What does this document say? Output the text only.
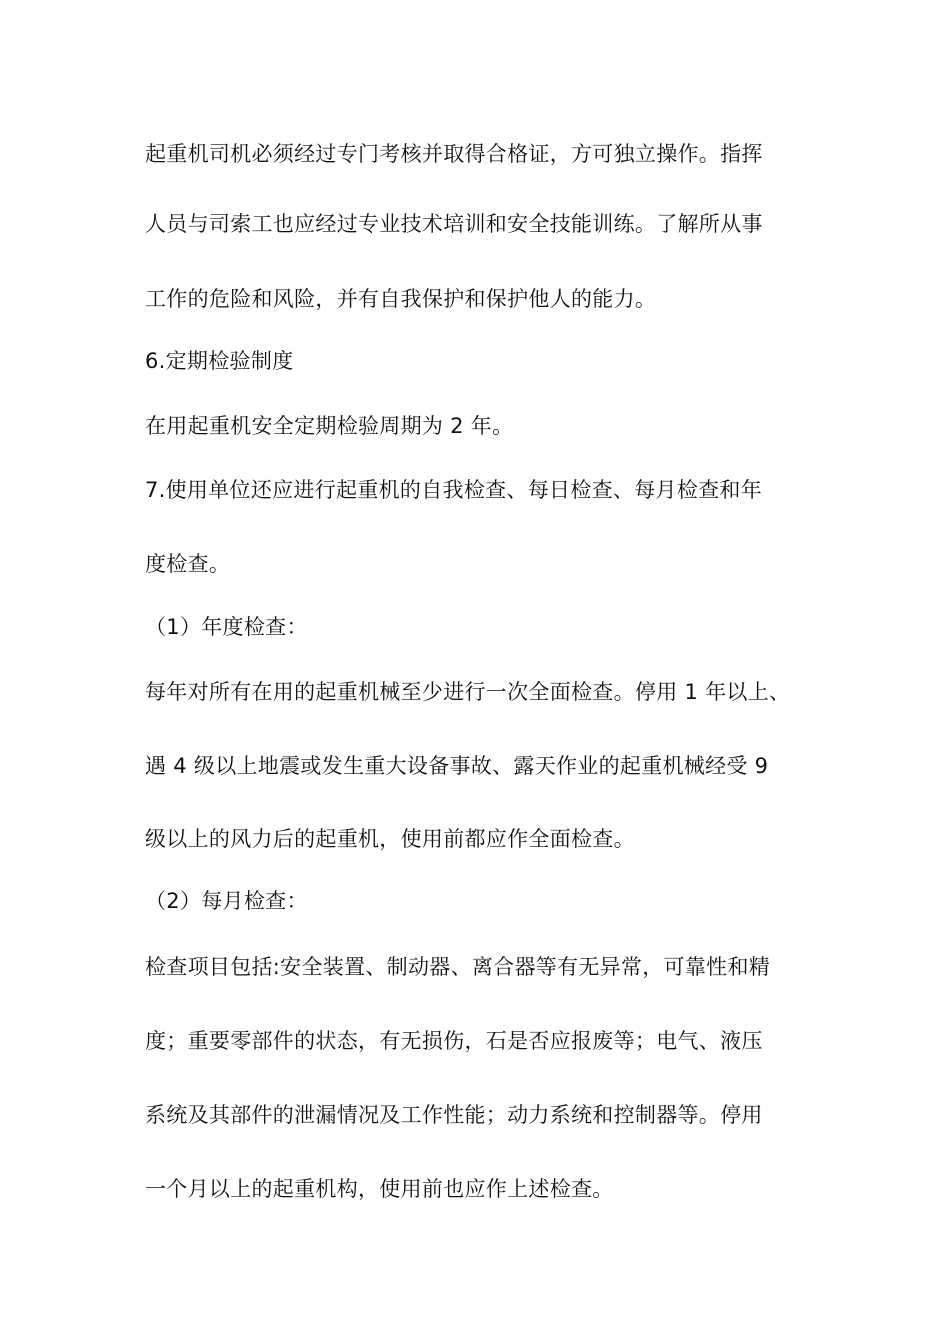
起重机司机必须经过专门考核并取得合格证，方可独立操作。指挥
人员与司索工也应经过专业技术培训和安全技能训练。了解所从事
工作的危险和风险，并有自我保护和保护他人的能力。
6.定期检验制度
在用起重机安全定期检验周期为 2 年。
7.使用单位还应进行起重机的自我检查、每日检查、每月检查和年
度检查。
（1）年度检查：
每年对所有在用的起重机械至少进行一次全面检查。停用 1 年以上、
遇 4 级以上地震或发生重大设备事故、露天作业的起重机械经受 9
级以上的风力后的起重机，使用前都应作全面检查。
（2）每月检查：
检查项目包括:安全装置、制动器、离合器等有无异常，可靠性和精
度；重要零部件的状态，有无损伤，石是否应报废等；电气、液压
系统及其部件的泄漏情况及工作性能；动力系统和控制器等。停用
一个月以上的起重机构，使用前也应作上述检查。
